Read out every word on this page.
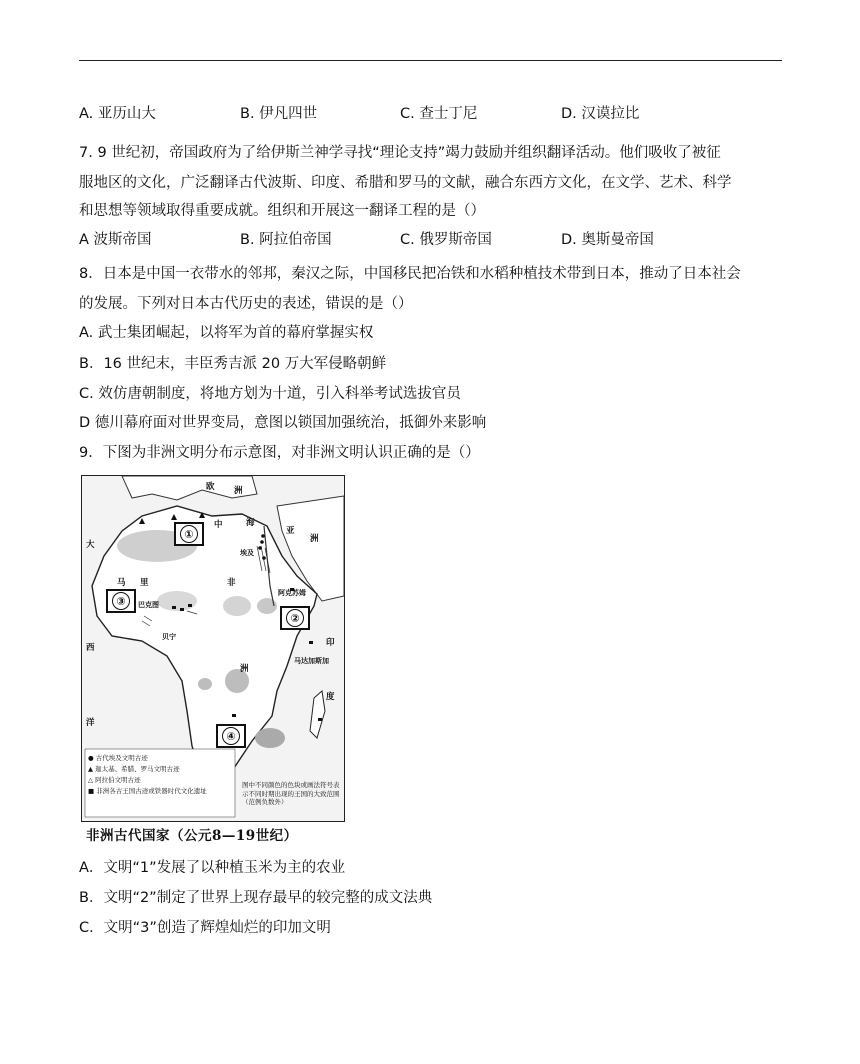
A. 亚历山大	B. 伊凡四世	C. 查士丁尼	D. 汉谟拉比
7. 9 世纪初，帝国政府为了给伊斯兰神学寻找“理论支持”竭力鼓励并组织翻译活动。他们吸收了被征
服地区的文化，广泛翻译古代波斯、印度、希腊和罗马的文献，融合东西方文化，在文学、艺术、科学
和思想等领域取得重要成就。组织和开展这一翻译工程的是（）
A 波斯帝国	B. 阿拉伯帝国	C. 俄罗斯帝国	D. 奥斯曼帝国
8．日本是中国一衣带水的邻邦，秦汉之际，中国移民把冶铁和水稻种植技术带到日本，推动了日本社会
的发展。下列对日本古代历史的表述，错误的是（）
A. 武士集团崛起，以将军为首的幕府掌握实权
B．16 世纪末，丰臣秀吉派 20 万大军侵略朝鲜
C. 效仿唐朝制度，将地方划为十道，引入科举考试选拔官员
D 德川幕府面对世界变局，意图以锁国加强统治，抵御外来影响
9．下图为非洲文明分布示意图，对非洲文明认识正确的是（）
①
②
③
④
欧 洲
亚
洲
大
西
洋
印
度
中	海
非
洲
马 里
埃及
巴克图
贝宁
阿克苏姆
马达加斯加
● 古代埃及文明古迹
▲ 迦太基、希腊、罗马文明古迹
△ 阿拉伯文明古迹
■ 非洲各古王国古迹或铁器时代文化遗址
图中不同颜色的色块或画法符号表示不同时期出现的王国的大致范围（范例负数外）
非洲古代国家（公元8—19世纪）
A．文明“1”发展了以种植玉米为主的农业
B．文明“2”制定了世界上现存最早的较完整的成文法典
C．文明“3”创造了辉煌灿烂的印加文明
